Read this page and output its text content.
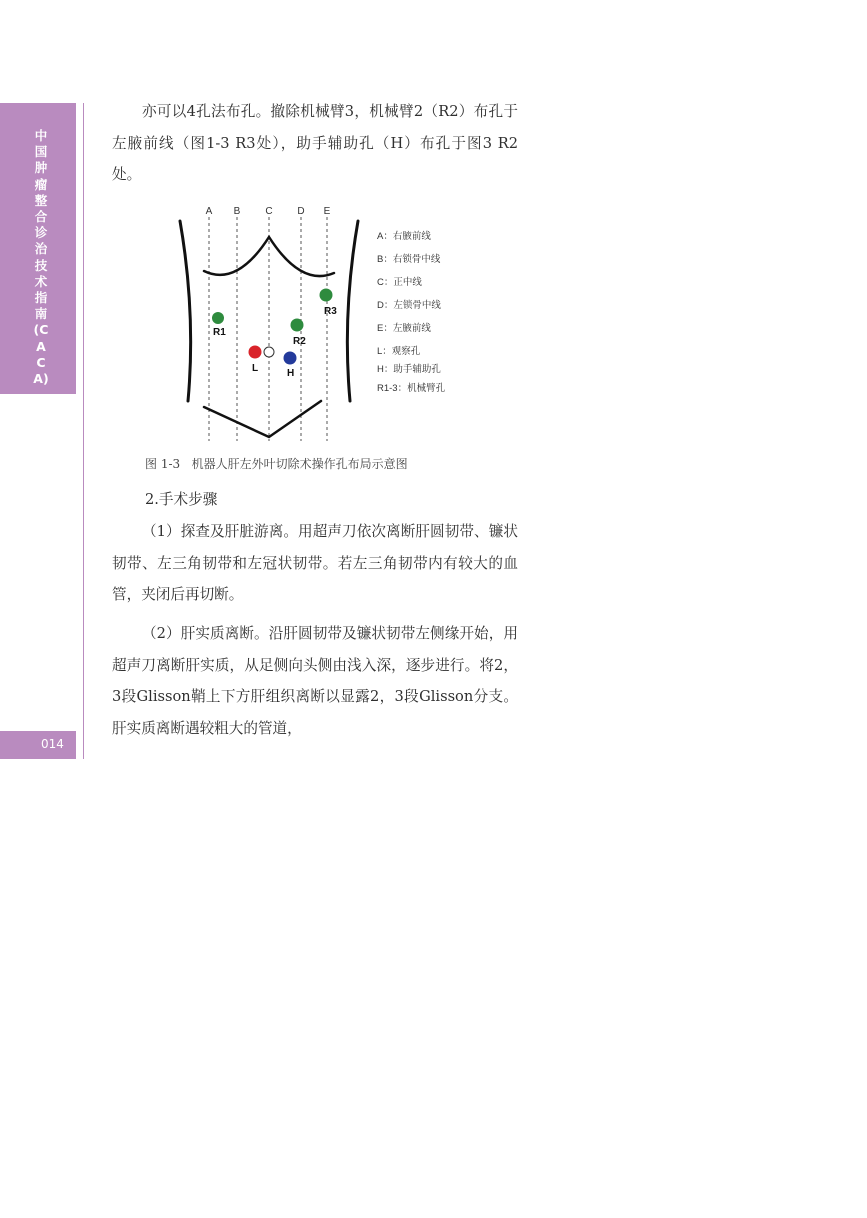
中国肿瘤整合诊治技术指南(CACA)
014

亦可以4孔法布孔。撤除机械臂3，机械臂2（R2）布孔于左腋前线（图1-3 R3处），助手辅助孔（H）布孔于图3 R2处。

A B	C D E
R1
R2
R3
L	H
A：右腋前线
B：右锁骨中线
C：正中线
D：左锁骨中线
E：左腋前线
L：观察孔
H：助手辅助孔
R1-3：机械臂孔
图 1-3   机器人肝左外叶切除术操作孔布局示意图
2.手术步骤

（1）探查及肝脏游离。用超声刀依次离断肝圆韧带、镰状韧带、左三角韧带和左冠状韧带。若左三角韧带内有较大的血管，夹闭后再切断。

（2）肝实质离断。沿肝圆韧带及镰状韧带左侧缘开始，用超声刀离断肝实质，从足侧向头侧由浅入深，逐步进行。将2，3段Glisson鞘上下方肝组织离断以显露2，3段Glisson分支。肝实质离断遇较粗大的管道，
